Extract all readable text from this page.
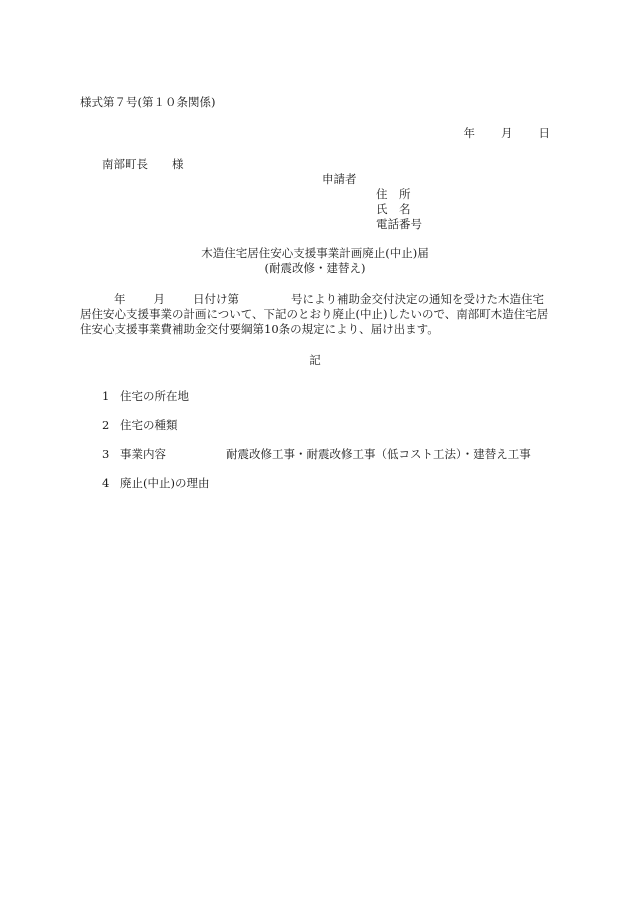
様式第７号(第１０条関係)
年 月 日
南部町長 様
申請者
住　所
氏　名
電話番号
木造住宅居住安心支援事業計画廃止(中止)届
(耐震改修・建替え)
年 月 日付け第	号により補助金交付決定の通知を受けた木造住宅
居住安心支援事業の計画について、下記のとおり廃止(中止)したいので、南部町木造住宅居
住安心支援事業費補助金交付要綱第10条の規定により、届け出ます。
記
1 住宅の所在地
2 住宅の種類
3 事業内容	耐震改修工事・耐震改修工事（低コスト工法）・建替え工事
4 廃止(中止)の理由
